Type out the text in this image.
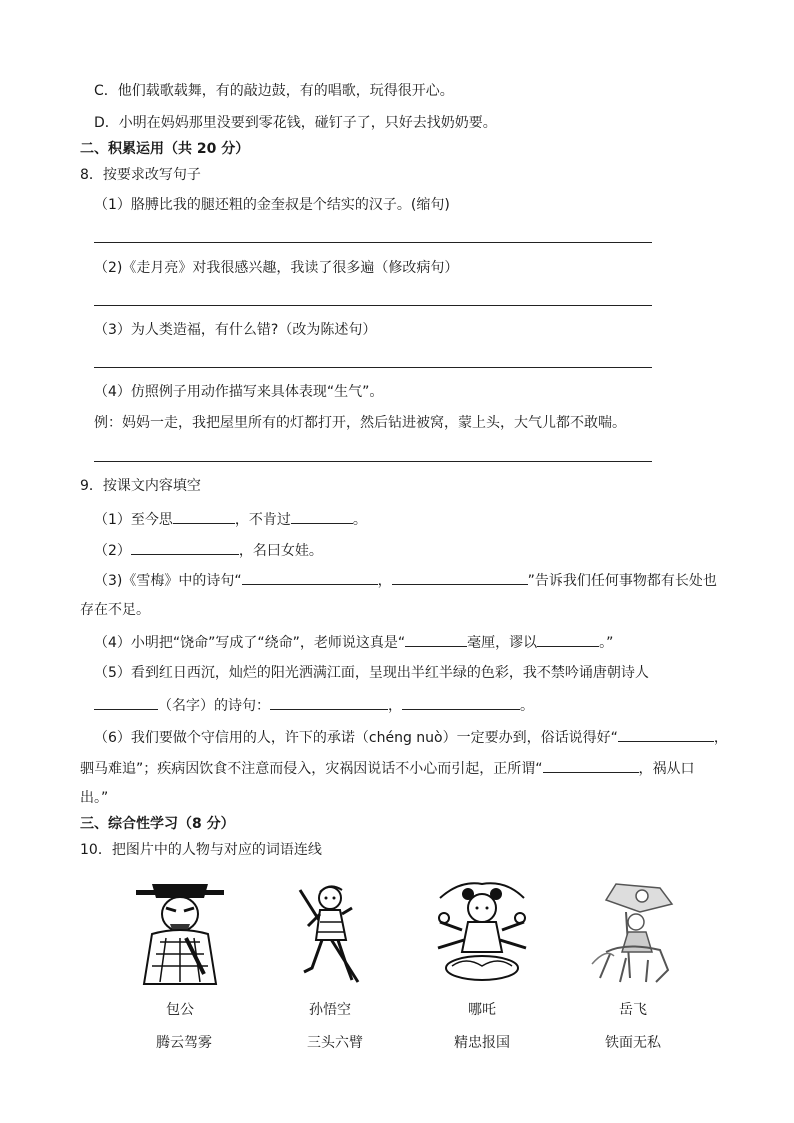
C．他们载歌载舞，有的敲边鼓，有的唱歌，玩得很开心。
D．小明在妈妈那里没要到零花钱，碰钉子了，只好去找奶奶要。
二、积累运用（共 20 分）
8．按要求改写句子
（1）胳膊比我的腿还粗的金奎叔是个结实的汉子。(缩句)
（2)《走月亮》对我很感兴趣，我读了很多遍（修改病句）
（3）为人类造福，有什么错?（改为陈述句）
（4）仿照例子用动作描写来具体表现“生气”。
例：妈妈一走，我把屋里所有的灯都打开，然后钻进被窝，蒙上头，大气儿都不敢喘。
9．按课文内容填空
（1）至今思	，不肯过	。
（2）	，名曰女娃。
（3)《雪梅》中的诗句“	，	”告诉我们任何事物都有长处也
存在不足。
（4）小明把“饶命”写成了“绕命”，老师说这真是“	毫厘，谬以	。”
（5）看到红日西沉，灿烂的阳光洒满江面，呈现出半红半绿的色彩，我不禁吟诵唐朝诗人
（名字）的诗句：	，	。
（6）我们要做个守信用的人，许下的承诺（chéng nuò）一定要办到，俗话说得好“	，
驷马难追”；疾病因饮食不注意而侵入，灾祸因说话不小心而引起，正所谓“	，祸从口
出。”
三、综合性学习（8 分）
10．把图片中的人物与对应的词语连线
包公	孙悟空	哪吒	岳飞
腾云驾雾	三头六臂	精忠报国	铁面无私
